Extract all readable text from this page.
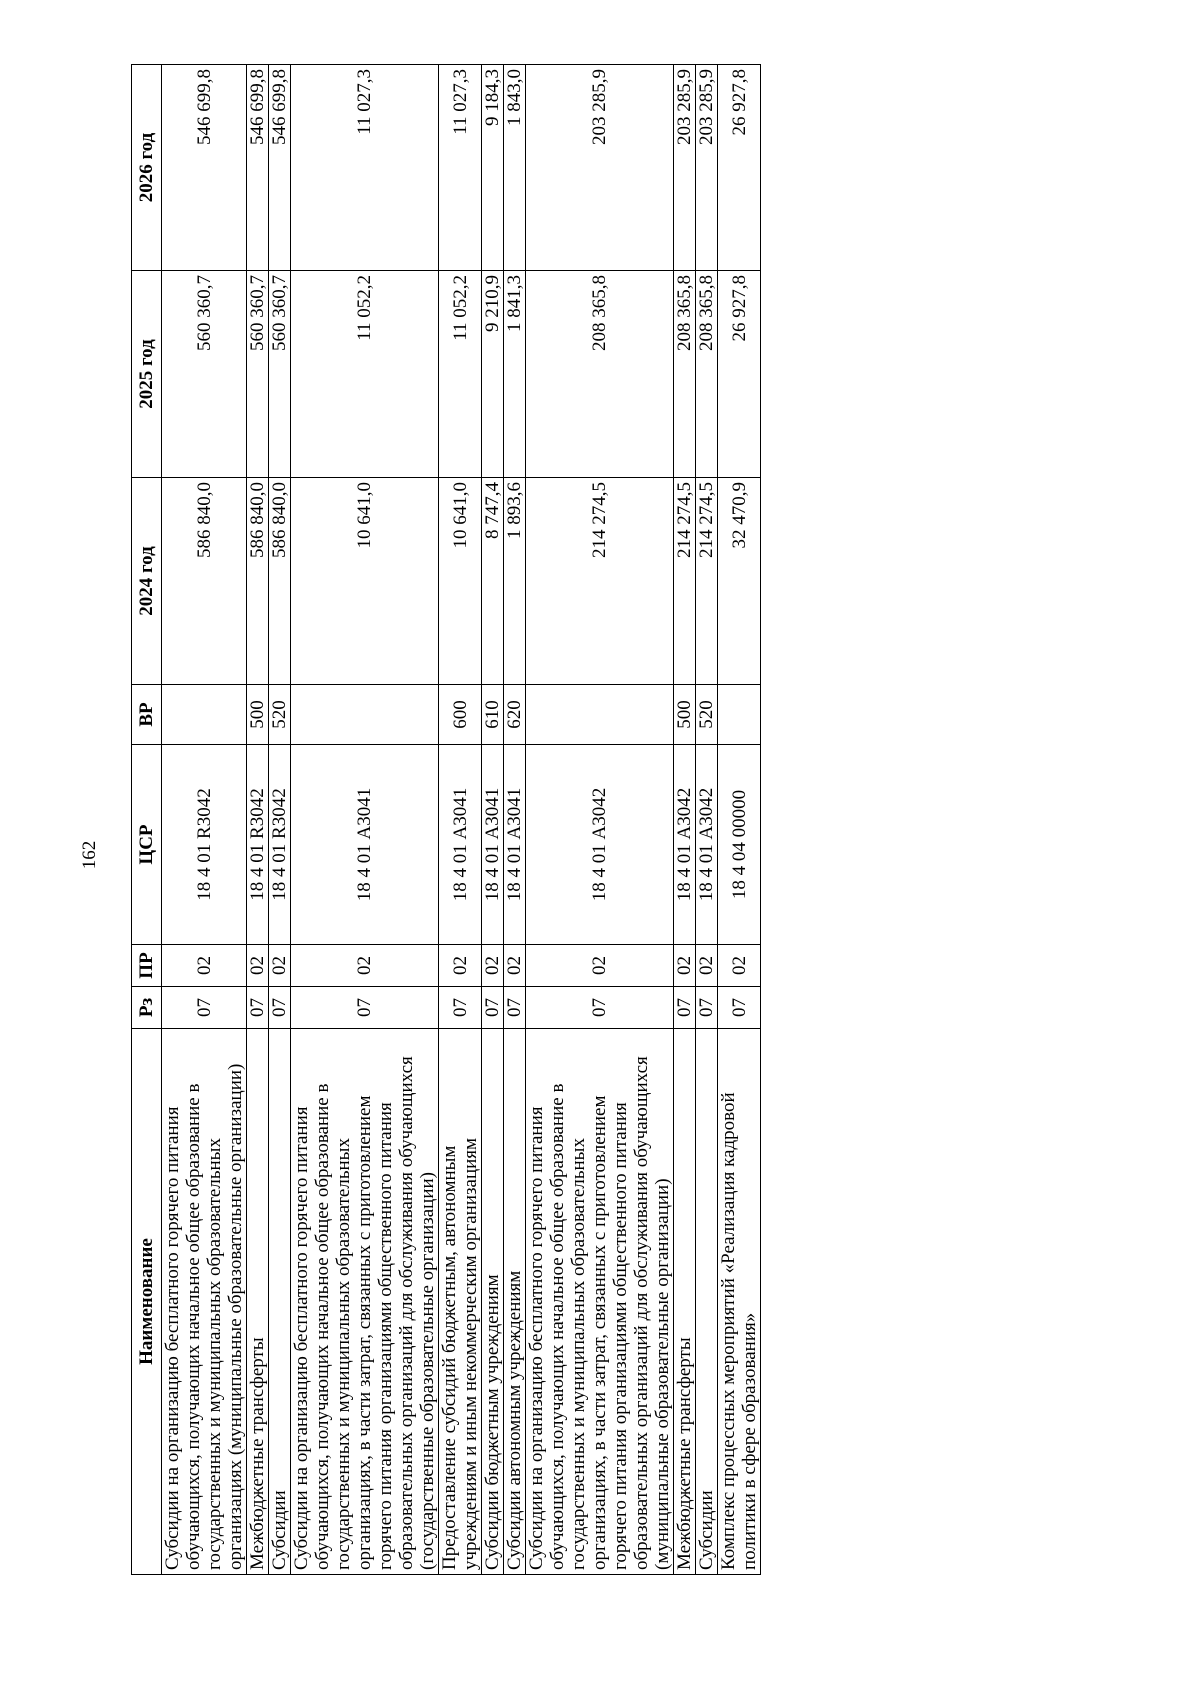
162
Наименование	Рз	ПР	ЦСР	ВР	2024 год	2025 год	2026 год
Субсидии на организацию бесплатного горячего питания обучающихся, получающих начальное общее образование в государственных и муниципальных образовательных организациях (муниципальные образовательные организации)	07	02	18 4 01 R3042		586 840,0	560 360,7	546 699,8
Межбюджетные трансферты	07	02	18 4 01 R3042	500	586 840,0	560 360,7	546 699,8
Субсидии	07	02	18 4 01 R3042	520	586 840,0	560 360,7	546 699,8
Субсидии на организацию бесплатного горячего питания обучающихся, получающих начальное общее образование в государственных и муниципальных образовательных организациях, в части затрат, связанных с приготовлением горячего питания организациями общественного питания образовательных организаций для обслуживания обучающихся (государственные образовательные организации)	07	02	18 4 01 А3041		10 641,0	11 052,2	11 027,3
Предоставление субсидий бюджетным, автономным учреждениям и иным некоммерческим организациям	07	02	18 4 01 А3041	600	10 641,0	11 052,2	11 027,3
Субсидии бюджетным учреждениям	07	02	18 4 01 А3041	610	8 747,4	9 210,9	9 184,3
Субсидии автономным учреждениям	07	02	18 4 01 А3041	620	1 893,6	1 841,3	1 843,0
Субсидии на организацию бесплатного горячего питания обучающихся, получающих начальное общее образование в государственных и муниципальных образовательных организациях, в части затрат, связанных с приготовлением горячего питания организациями общественного питания образовательных организаций для обслуживания обучающихся (муниципальные образовательные организации)	07	02	18 4 01 А3042		214 274,5	208 365,8	203 285,9
Межбюджетные трансферты	07	02	18 4 01 А3042	500	214 274,5	208 365,8	203 285,9
Субсидии	07	02	18 4 01 А3042	520	214 274,5	208 365,8	203 285,9
Комплекс процессных мероприятий «Реализация кадровой политики в сфере образования»	07	02	18 4 04 00000		32 470,9	26 927,8	26 927,8
